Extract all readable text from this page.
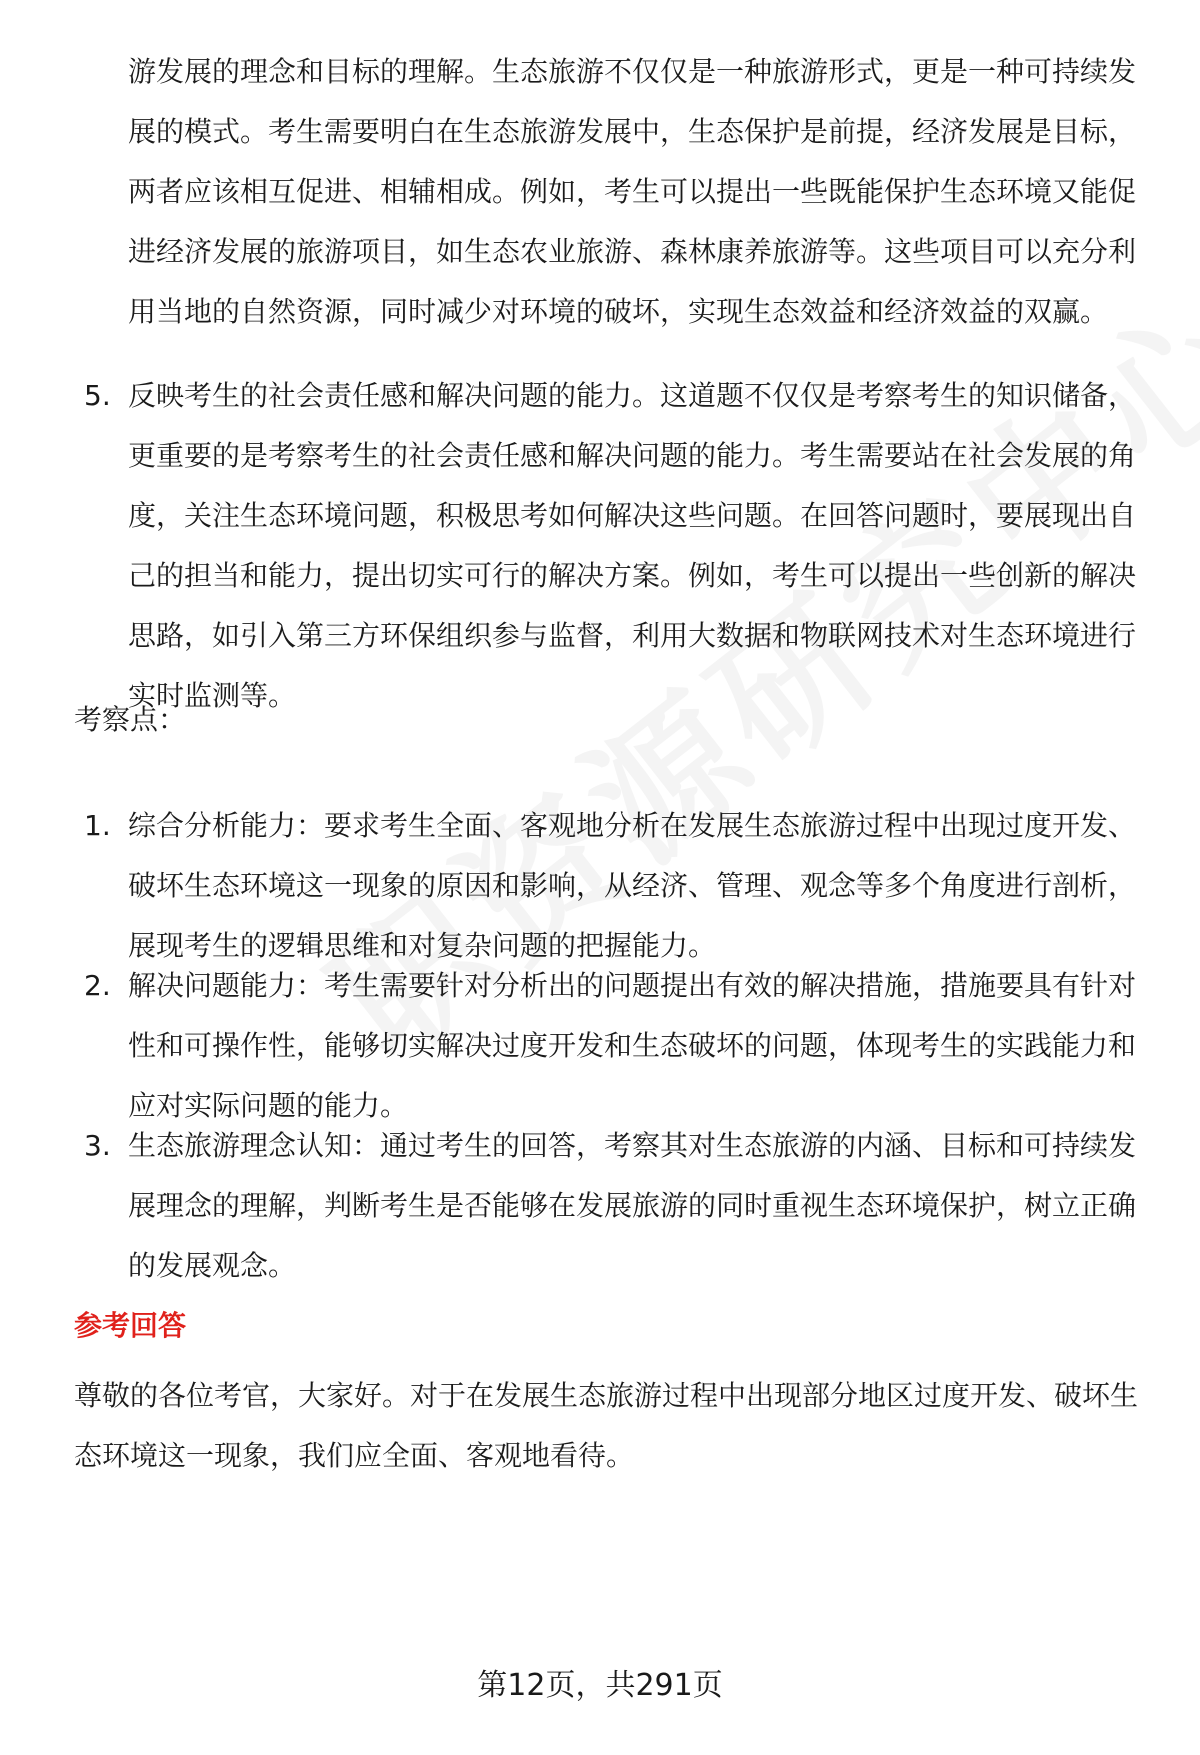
游发展的理念和目标的理解。生态旅游不仅仅是一种旅游形式，更是一种可持续发展的模式。考生需要明白在生态旅游发展中，生态保护是前提，经济发展是目标，两者应该相互促进、相辅相成。例如，考生可以提出一些既能保护生态环境又能促进经济发展的旅游项目，如生态农业旅游、森林康养旅游等。这些项目可以充分利用当地的自然资源，同时减少对环境的破坏，实现生态效益和经济效益的双赢。

5. 反映考生的社会责任感和解决问题的能力。这道题不仅仅是考察考生的知识储备，更重要的是考察考生的社会责任感和解决问题的能力。考生需要站在社会发展的角度，关注生态环境问题，积极思考如何解决这些问题。在回答问题时，要展现出自己的担当和能力，提出切实可行的解决方案。例如，考生可以提出一些创新的解决思路，如引入第三方环保组织参与监督，利用大数据和物联网技术对生态环境进行实时监测等。
考察点：
1. 综合分析能力：要求考生全面、客观地分析在发展生态旅游过程中出现过度开发、破坏生态环境这一现象的原因和影响，从经济、管理、观念等多个角度进行剖析，展现考生的逻辑思维和对复杂问题的把握能力。
2. 解决问题能力：考生需要针对分析出的问题提出有效的解决措施，措施要具有针对性和可操作性，能够切实解决过度开发和生态破坏的问题，体现考生的实践能力和应对实际问题的能力。
3. 生态旅游理念认知：通过考生的回答，考察其对生态旅游的内涵、目标和可持续发展理念的理解，判断考生是否能够在发展旅游的同时重视生态环境保护，树立正确的发展观念。
参考回答
尊敬的各位考官，大家好。对于在发展生态旅游过程中出现部分地区过度开发、破坏生态环境这一现象，我们应全面、客观地看待。
第12页，共291页
